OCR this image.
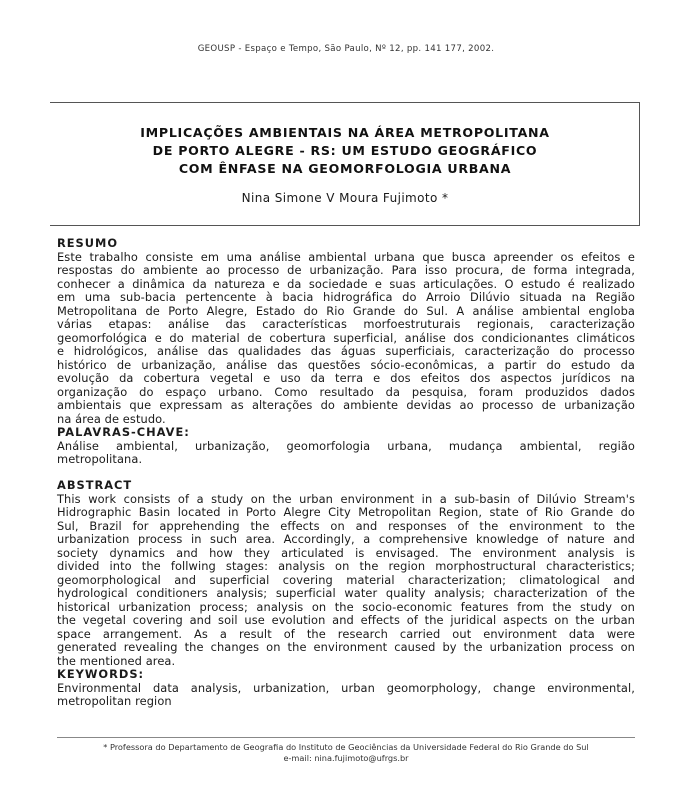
GEOUSP - Espaço e Tempo, São Paulo, Nº 12, pp. 141 177, 2002.
IMPLICAÇÕES AMBIENTAIS NA ÁREA METROPOLITANA
DE PORTO ALEGRE - RS: UM ESTUDO GEOGRÁFICO
COM ÊNFASE NA GEOMORFOLOGIA URBANA
Nina Simone V Moura Fujimoto *
RESUMO
Este trabalho consiste em uma análise ambiental urbana que busca apreender os efeitos e
respostas do ambiente ao processo de urbanização. Para isso procura, de forma integrada,
conhecer a dinâmica da natureza e da sociedade e suas articulações. O estudo é realizado
em uma sub-bacia pertencente à bacia hidrográfica do Arroio Dilúvio situada na Região
Metropolitana de Porto Alegre, Estado do Rio Grande do Sul. A análise ambiental engloba
várias etapas: análise das características morfoestruturais regionais, caracterização
geomorfológica e do material de cobertura superficial, análise dos condicionantes climáticos
e hidrológicos, análise das qualidades das águas superficiais, caracterização do processo
histórico de urbanização, análise das questões sócio-econômicas, a partir do estudo da
evolução da cobertura vegetal e uso da terra e dos efeitos dos aspectos jurídicos na
organização do espaço urbano. Como resultado da pesquisa, foram produzidos dados
ambientais que expressam as alterações do ambiente devidas ao processo de urbanização
na área de estudo.
PALAVRAS-CHAVE:
Análise ambiental, urbanização, geomorfologia urbana, mudança ambiental, região
metropolitana.
ABSTRACT
This work consists of a study on the urban environment in a sub-basin of Dilúvio Stream's
Hidrographic Basin located in Porto Alegre City Metropolitan Region, state of Rio Grande do
Sul, Brazil for apprehending the effects on and responses of the environment to the
urbanization process in such area. Accordingly, a comprehensive knowledge of nature and
society dynamics and how they articulated is envisaged. The environment analysis is
divided into the follwing stages: analysis on the region morphostructural characteristics;
geomorphological and superficial covering material characterization; climatological and
hydrological conditioners analysis; superficial water quality analysis; characterization of the
historical urbanization process; analysis on the socio-economic features from the study on
the vegetal covering and soil use evolution and effects of the juridical aspects on the urban
space arrangement. As a result of the research carried out environment data were
generated revealing the changes on the environment caused by the urbanization process on
the mentioned area.
KEYWORDS:
Environmental data analysis, urbanization, urban geomorphology, change environmental,
metropolitan region
* Professora do Departamento de Geografia do Instituto de Geociências da Universidade Federal do Rio Grande do Sul
e-mail: nina.fujimoto@ufrgs.br
